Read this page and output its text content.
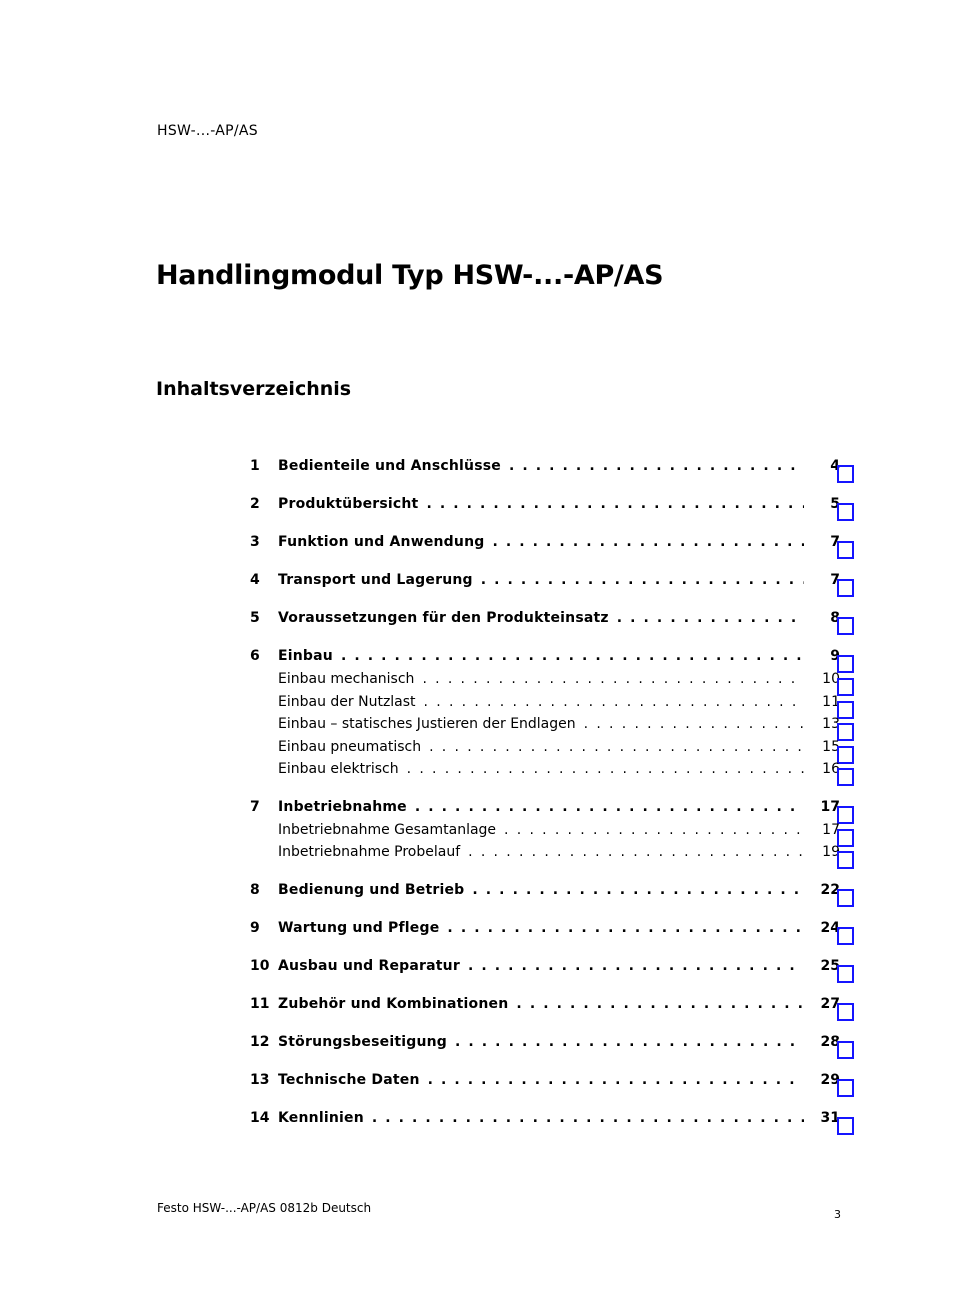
HSW-...-AP/AS
Handlingmodul Typ HSW-...-AP/AS
Inhaltsverzeichnis
1	Bedienteile und Anschlüsse . . .	4
2	Produktübersicht . . .	5
3	Funktion und Anwendung . . .	7
4	Transport und Lagerung . . .	7
5	Voraussetzungen für den Produkteinsatz . . .	8
6	Einbau . . .	9
Einbau mechanisch . . .	10
Einbau der Nutzlast . . .	11
Einbau – statisches Justieren der Endlagen . . .	13
Einbau pneumatisch . . .	15
Einbau elektrisch . . .	16
7	Inbetriebnahme . . .	17
Inbetriebnahme Gesamtanlage . . .	17
Inbetriebnahme Probelauf . . .	19
8	Bedienung und Betrieb . . .	22
9	Wartung und Pflege . . .	24
10 Ausbau und Reparatur . . .	25
11 Zubehör und Kombinationen . . .	27
12 Störungsbeseitigung . . .	28
13 Technische Daten . . .	29
14 Kennlinien . . .	31
Festo HSW-...-AP/AS 0812b Deutsch	3
